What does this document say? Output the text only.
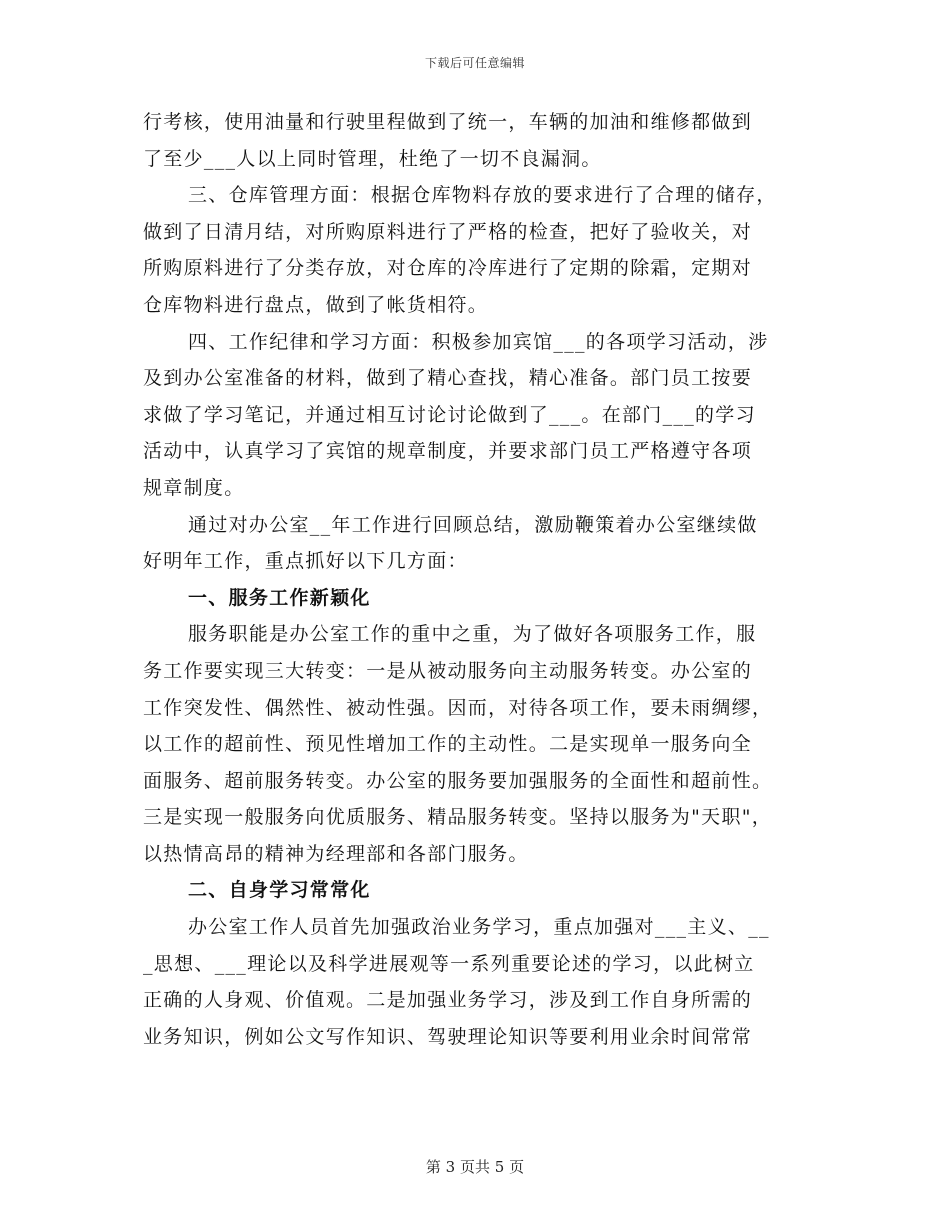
下载后可任意编辑
行考核，使用油量和行驶里程做到了统一，车辆的加油和维修都做到
了至少___人以上同时管理，杜绝了一切不良漏洞。
三、仓库管理方面：根据仓库物料存放的要求进行了合理的储存，
做到了日清月结，对所购原料进行了严格的检查，把好了验收关，对
所购原料进行了分类存放，对仓库的冷库进行了定期的除霜，定期对
仓库物料进行盘点，做到了帐货相符。
四、工作纪律和学习方面：积极参加宾馆___的各项学习活动，涉
及到办公室准备的材料，做到了精心查找，精心准备。部门员工按要
求做了学习笔记，并通过相互讨论讨论做到了___。在部门___的学习
活动中，认真学习了宾馆的规章制度，并要求部门员工严格遵守各项
规章制度。
通过对办公室__年工作进行回顾总结，激励鞭策着办公室继续做
好明年工作，重点抓好以下几方面：
一、服务工作新颖化
服务职能是办公室工作的重中之重，为了做好各项服务工作，服
务工作要实现三大转变：一是从被动服务向主动服务转变。办公室的
工作突发性、偶然性、被动性强。因而，对待各项工作，要未雨绸缪，
以工作的超前性、预见性增加工作的主动性。二是实现单一服务向全
面服务、超前服务转变。办公室的服务要加强服务的全面性和超前性。
三是实现一般服务向优质服务、精品服务转变。坚持以服务为"天职"，
以热情高昂的精神为经理部和各部门服务。
二、自身学习常常化
办公室工作人员首先加强政治业务学习，重点加强对___主义、__
_思想、___理论以及科学进展观等一系列重要论述的学习，以此树立
正确的人身观、价值观。二是加强业务学习，涉及到工作自身所需的
业务知识，例如公文写作知识、驾驶理论知识等要利用业余时间常常
第 3 页共 5 页
